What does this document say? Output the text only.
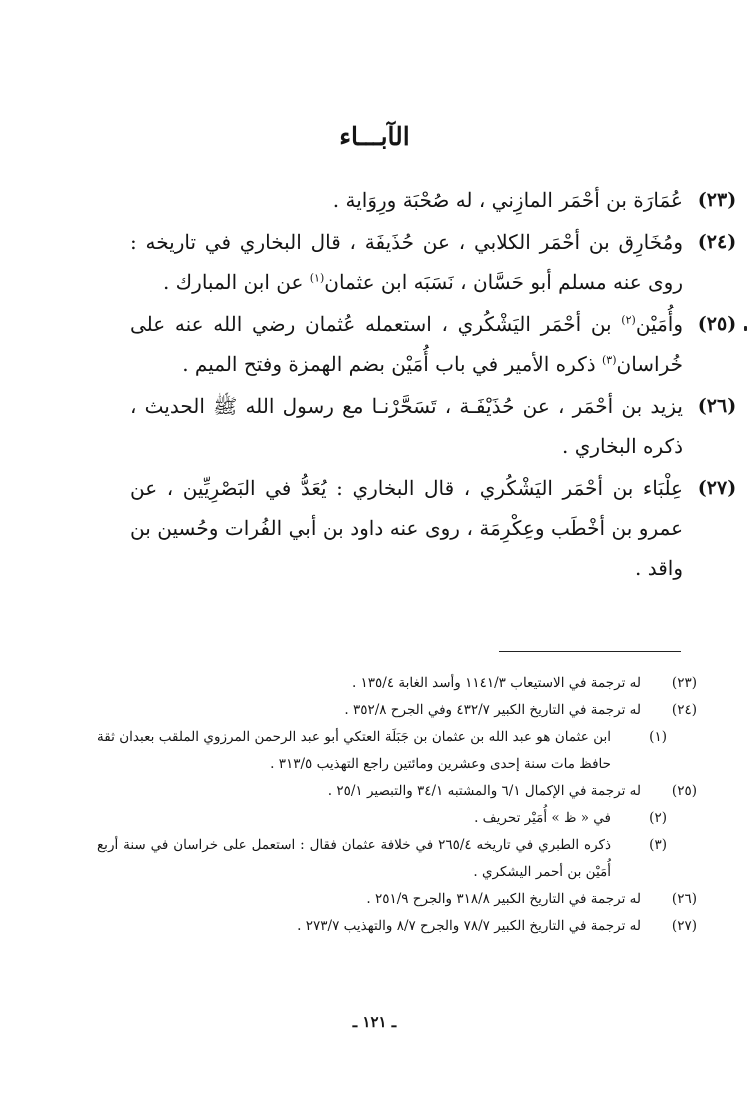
الآبـــاء
(٢٣)
عُمَارَة بن أحْمَر المازِني ، له صُحْبَة ورِوَاية .
(٢٤)
ومُخَارِق بن أحْمَر الكلابي ، عن حُذَيفَة ، قال البخاري في تاريخه : روى عنه مسلم أبو حَسَّان ، نَسَبَه ابن عثمان$^{(١)}$ عن ابن المبارك .
(٢٥)
وأُمَيْن$^{(٢)}$ بن أحْمَر اليَشْكُري ، استعمله عُثمان رضي الله عنه على خُراسان$^{(٣)}$ ذكره الأمير في باب أُمَيْن بضم الهمزة وفتح الميم .
(٢٦)
يزيد بن أحْمَر ، عن حُذَيْفَـة ، تَسَحَّرْنـا مع رسول الله ﷺ الحديث ، ذكره البخاري .
(٢٧)
عِلْبَاء بن أحْمَر اليَشْكُري ، قال البخاري : يُعَدُّ في البَصْرِيِّين ، عن عمرو بن أخْطَب وعِكْرِمَة ، روى عنه داود بن أبي الفُرات وحُسين بن واقد .
(٢٣)
له ترجمة في الاستيعاب ١١٤١/٣ وأسد الغابة ١٣٥/٤ .
(٢٤)
له ترجمة في التاريخ الكبير ٤٣٢/٧ وفي الجرح ٣٥٢/٨ .
(١)
ابن عثمان هو عبد الله بن عثمان بن جَبَلَة العتكي أبو عبد الرحمن المرزوي الملقب بعبدان ثقة حافظ مات سنة إحدى وعشرين ومائتين راجع التهذيب ٣١٣/٥ .
(٢٥)
له ترجمة في الإكمال ٦/١ والمشتبه ٣٤/١ والتبصير ٢٥/١ .
(٢)
في « ظ » أُمَيْر تحريف .
(٣)
ذكره الطبري في تاريخه ٢٦٥/٤ في خلافة عثمان فقال : استعمل على خراسان في سنة أربع أُمَيْن بن أحمر اليشكري .
(٢٦)
له ترجمة في التاريخ الكبير ٣١٨/٨ والجرح ٢٥١/٩ .
(٢٧)
له ترجمة في التاريخ الكبير ٧٨/٧ والجرح ٨/٧ والتهذيب ٢٧٣/٧ .
ـ ١٢١ ـ
